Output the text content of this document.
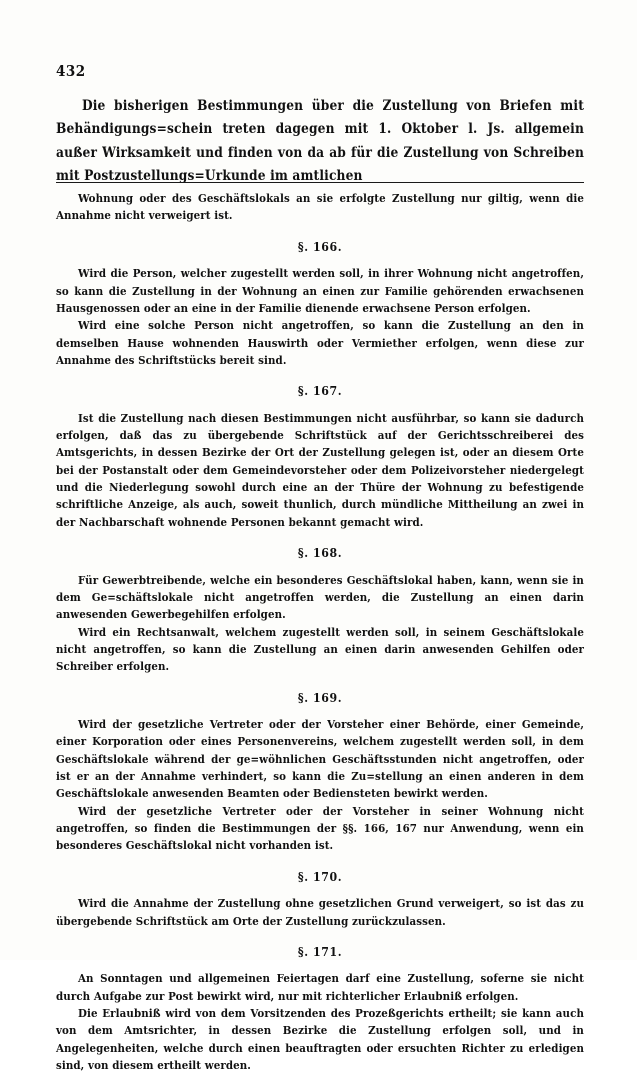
432

Die bisherigen Bestimmungen über die Zustellung von Briefen mit Behändigungs=schein treten dagegen mit 1. Oktober l. Js. allgemein außer Wirksamkeit und finden von da ab für die Zustellung von Schreiben mit Postzustellungs=Urkunde im amtlichen

Wohnung oder des Geschäftslokals an sie erfolgte Zustellung nur giltig, wenn die Annahme nicht verweigert ist.

§. 166.

Wird die Person, welcher zugestellt werden soll, in ihrer Wohnung nicht angetroffen, so kann die Zustellung in der Wohnung an einen zur Familie gehörenden erwachsenen Hausgenossen oder an eine in der Familie dienende erwachsene Person erfolgen.

Wird eine solche Person nicht angetroffen, so kann die Zustellung an den in demselben Hause wohnenden Hauswirth oder Vermiether erfolgen, wenn diese zur Annahme des Schriftstücks bereit sind.

§. 167.

Ist die Zustellung nach diesen Bestimmungen nicht ausführbar, so kann sie dadurch erfolgen, daß das zu übergebende Schriftstück auf der Gerichtsschreiberei des Amtsgerichts, in dessen Bezirke der Ort der Zustellung gelegen ist, oder an diesem Orte bei der Postanstalt oder dem Gemeindevorsteher oder dem Polizeivorsteher niedergelegt und die Niederlegung sowohl durch eine an der Thüre der Wohnung zu befestigende schriftliche Anzeige, als auch, soweit thunlich, durch mündliche Mittheilung an zwei in der Nachbarschaft wohnende Personen bekannt gemacht wird.

§. 168.

Für Gewerbtreibende, welche ein besonderes Geschäftslokal haben, kann, wenn sie in dem Ge=schäftslokale nicht angetroffen werden, die Zustellung an einen darin anwesenden Gewerbegehilfen erfolgen.

Wird ein Rechtsanwalt, welchem zugestellt werden soll, in seinem Geschäftslokale nicht angetroffen, so kann die Zustellung an einen darin anwesenden Gehilfen oder Schreiber erfolgen.

§. 169.

Wird der gesetzliche Vertreter oder der Vorsteher einer Behörde, einer Gemeinde, einer Korporation oder eines Personenvereins, welchem zugestellt werden soll, in dem Geschäftslokale während der ge=wöhnlichen Geschäftsstunden nicht angetroffen, oder ist er an der Annahme verhindert, so kann die Zu=stellung an einen anderen in dem Geschäftslokale anwesenden Beamten oder Bediensteten bewirkt werden.

Wird der gesetzliche Vertreter oder der Vorsteher in seiner Wohnung nicht angetroffen, so finden die Bestimmungen der §§. 166, 167 nur Anwendung, wenn ein besonderes Geschäftslokal nicht vorhanden ist.

§. 170.

Wird die Annahme der Zustellung ohne gesetzlichen Grund verweigert, so ist das zu übergebende Schriftstück am Orte der Zustellung zurückzulassen.

§. 171.

An Sonntagen und allgemeinen Feiertagen darf eine Zustellung, soferne sie nicht durch Aufgabe zur Post bewirkt wird, nur mit richterlicher Erlaubniß erfolgen.

Die Erlaubniß wird von dem Vorsitzenden des Prozeßgerichts ertheilt; sie kann auch von dem Amtsrichter, in dessen Bezirke die Zustellung erfolgen soll, und in Angelegenheiten, welche durch einen beauftragten oder ersuchten Richter zu erledigen sind, von diesem ertheilt werden.
